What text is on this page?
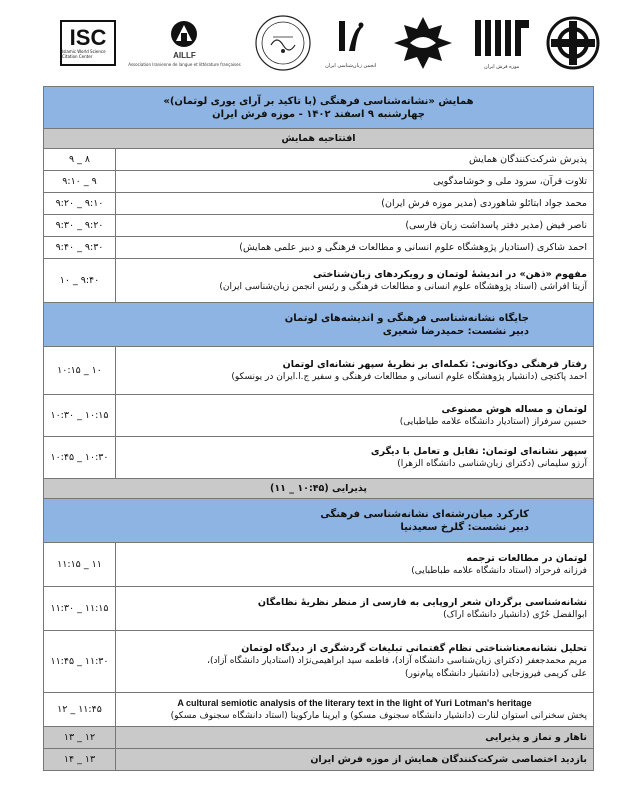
ISC
Islamic World Science Citation Center	AILLF
Association Iranienne de langue et littérature françaises	انجمن زبان‌شناسی ایران	موزه فرش ایران
همایش «نشانه‌شناسی فرهنگی (با تاکید بر آرای یوری لوتمان)»
چهارشنبه ۹ اسفند ۱۴۰۲ - موزه فرش ایران	

افتتاحیه همایش	
پذیرش شرکت‌کنندگان همایش	۸ _ ۹
تلاوت قرآن، سرود ملی و خوشامدگویی	۹ _ ۹:۱۰
محمد جواد ابتائلو شاهوردی (مدیر موزه فرش ایران)	۹:۱۰ _ ۹:۲۰
ناصر فیض (مدیر دفتر پاسداشت زبان فارسی)	۹:۲۰ _ ۹:۳۰
احمد شاکری (استادیار پژوهشگاه علوم انسانی و مطالعات فرهنگی و دبیر علمی همایش)	۹:۳۰ _ ۹:۴۰

مفهوم «ذهن» در اندیشهٔ لوتمان و رویکردهای زبان‌شناختی
آزیتا افراشی (استاد پژوهشگاه علوم انسانی و مطالعات فرهنگی و رئیس انجمن زبان‌شناسی ایران)	۹:۴۰ _ ۱۰

جایگاه نشانه‌شناسی فرهنگی و اندیشه‌های لوتمان
دبیر نشست: حمیدرضا شعیری	

رفتار فرهنگی دوکانونی: تکمله‌ای بر نظریهٔ سپهر نشانه‌ای لوتمان
احمد پاکتچی (دانشیار پژوهشگاه علوم انسانی و مطالعات فرهنگی و سفیر ج.ا.ایران در یونسکو)	۱۰ _ ۱۰:۱۵

لوتمان و مساله هوش مصنوعی
حسین سرفراز (استادیار دانشگاه علامه طباطبایی)	۱۰:۱۵ _ ۱۰:۳۰

سپهر نشانه‌ای لوتمان: تقابل و تعامل با دیگری
آرزو سلیمانی (دکترای زبان‌شناسی دانشگاه الزهرا)	۱۰:۳۰ _ ۱۰:۴۵
پذیرایی (۱۰:۴۵ _ ۱۱)	

کارکرد میان‌رشته‌ای نشانه‌شناسی فرهنگی
دبیر نشست: گلرخ سعیدنیا	

لوتمان در مطالعات ترجمه
فرزانه فرحزاد (استاد دانشگاه علامه طباطبایی)	۱۱ _ ۱۱:۱۵

نشانه‌شناسی برگردان شعر اروپایی به فارسی از منظر نظریهٔ نظامگان
ابوالفضل حُرّی (دانشیار دانشگاه اراک)	۱۱:۱۵ _ ۱۱:۳۰

تحلیل نشانه‌معناشناختی نظام گفتمانی تبلیغات گردشگری از دیدگاه لوتمان
مریم محمدجعفر (دکترای زبان‌شناسی دانشگاه آزاد)، فاطمه سید ابراهیمی‌نژاد (استادیار دانشگاه آزاد)،
علی کریمی فیروزجایی (دانشیار دانشگاه پیام‌نور)	۱۱:۳۰ _ ۱۱:۴۵

A cultural semiotic analysis of the literary text in the light of Yuri Lotman's heritage
پخش سخنرانی استوان لنارت (دانشیار دانشگاه سجنوف مسکو) و ایرینا مارکوینا (استاد دانشگاه سجنوف مسکو)	۱۱:۴۵ _ ۱۲
ناهار و نماز و پذیرایی	۱۲ _ ۱۳
بازدید اختصاصی شرکت‌کنندگان همایش از موزه فرش ایران	۱۳ _ ۱۴
